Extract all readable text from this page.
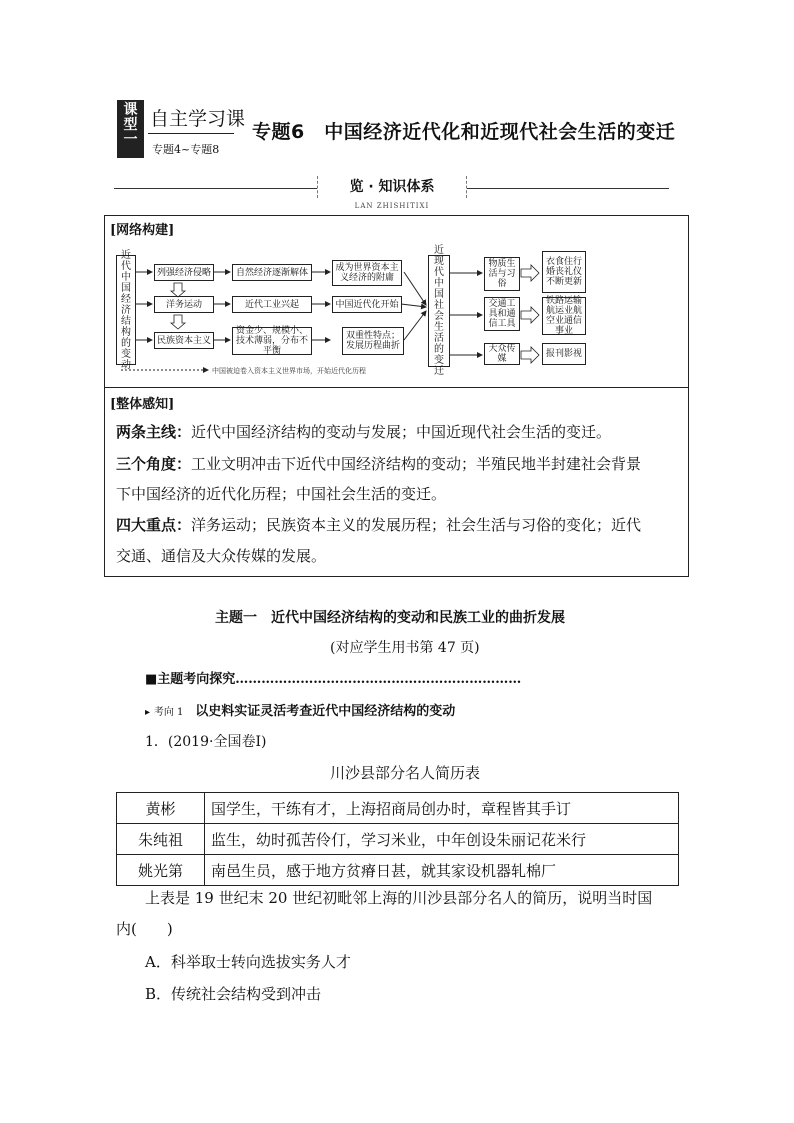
课型一
自主学习课
专题4~专题8
专题6　中国经济近代化和近现代社会生活的变迁
览 · 知识体系
LAN ZHISHITIXI
[网络构建]
近代中国经济结构的变动
列强经济侵略
洋务运动
民族资本主义
自然经济逐渐解体
近代工业兴起
资金少、规模小、技术薄弱，分布不平衡
成为世界资本主义经济的附庸
中国近代化开始
双重性特点；发展历程曲折
近现代中国社会生活的变迁
物质生活与习俗
交通工具和通信工具
大众传媒
衣食住行婚丧礼仪不断更新
铁路运输航运业航空业通信事业
报刊影视
中国被迫卷入资本主义世界市场，开始近代化历程
[整体感知]
两条主线：近代中国经济结构的变动与发展；中国近现代社会生活的变迁。
三个角度：工业文明冲击下近代中国经济结构的变动；半殖民地半封建社会背景
下中国经济的近代化历程；中国社会生活的变迁。
四大重点：洋务运动；民族资本主义的发展历程；社会生活与习俗的变化；近代
交通、通信及大众传媒的发展。
主题一　近代中国经济结构的变动和民族工业的曲折发展
(对应学生用书第 47 页)
■主题考向探究…………………………………………………………
▸ 考向 1 以史料实证灵活考查近代中国经济结构的变动
1．(2019·全国卷Ⅰ)
川沙县部分名人简历表
黄彬	国学生，干练有才，上海招商局创办时，章程皆其手订
朱纯祖	监生，幼时孤苦伶仃，学习米业，中年创设朱丽记花米行
姚光第	南邑生员，感于地方贫瘠日甚，就其家设机器轧棉厂
上表是 19 世纪末 20 世纪初毗邻上海的川沙县部分名人的简历，说明当时国
内(　　)
A．科举取士转向选拔实务人才
B．传统社会结构受到冲击
